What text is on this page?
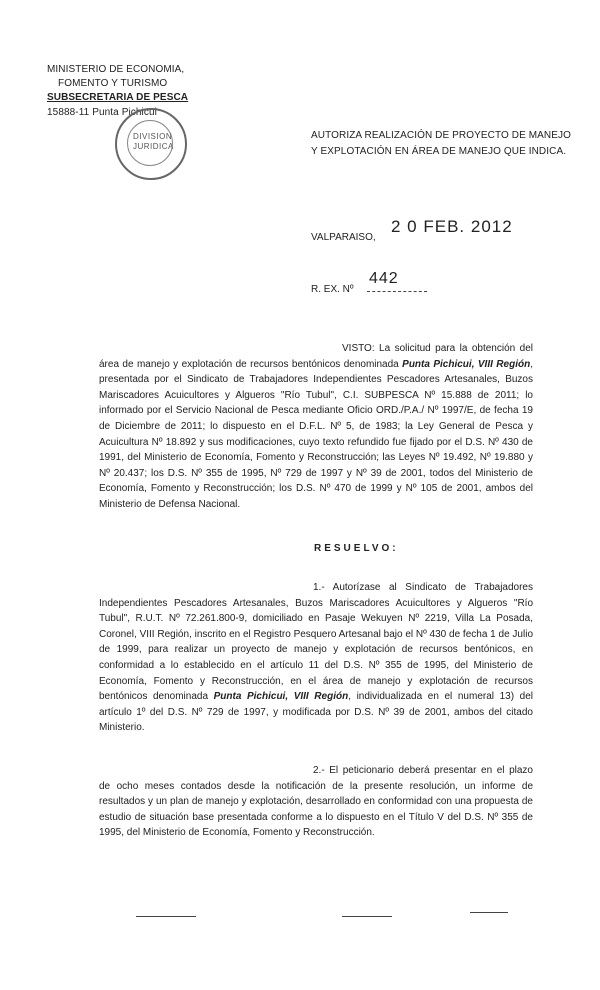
MINISTERIO DE ECONOMIA,
FOMENTO Y TURISMO
SUBSECRETARIA DE PESCA
15888-11 Punta Pichicui
DIVISION
JURIDICA
AUTORIZA REALIZACIÓN DE PROYECTO DE MANEJO
Y EXPLOTACIÓN EN ÁREA DE MANEJO QUE INDICA.
VALPARAISO,
2 0 FEB. 2012
R. EX. Nº
442

VISTO: La solicitud para la obtención del área de manejo y explotación de recursos bentónicos denominada Punta Pichicui, VIII Región, presentada por el Sindicato de Trabajadores Independientes Pescadores Artesanales, Buzos Mariscadores Acuicultores y Algueros "Río Tubul", C.I. SUBPESCA Nº 15.888 de 2011; lo informado por el Servicio Nacional de Pesca mediante Oficio ORD./P.A./ Nº 1997/E, de fecha 19 de Diciembre de 2011; lo dispuesto en el D.F.L. Nº 5, de 1983; la Ley General de Pesca y Acuicultura Nº 18.892 y sus modificaciones, cuyo texto refundido fue fijado por el D.S. Nº 430 de 1991, del Ministerio de Economía, Fomento y Reconstrucción; las Leyes Nº 19.492, Nº 19.880 y Nº 20.437; los D.S. Nº 355 de 1995, Nº 729 de 1997 y Nº 39 de 2001, todos del Ministerio de Economía, Fomento y Reconstrucción; los D.S. Nº 470 de 1999 y Nº 105 de 2001, ambos del Ministerio de Defensa Nacional.

RESUELVO:

1.- Autorízase al Sindicato de Trabajadores Independientes Pescadores Artesanales, Buzos Mariscadores Acuicultores y Algueros "Río Tubul", R.U.T. Nº 72.261.800-9, domiciliado en Pasaje Wekuyen Nº 2219, Villa La Posada, Coronel, VIII Región, inscrito en el Registro Pesquero Artesanal bajo el Nº 430 de fecha 1 de Julio de 1999, para realizar un proyecto de manejo y explotación de recursos bentónicos, en conformidad a lo establecido en el artículo 11 del D.S. Nº 355 de 1995, del Ministerio de Economía, Fomento y Reconstrucción, en el área de manejo y explotación de recursos bentónicos denominada Punta Pichicui, VIII Región, individualizada en el numeral 13) del artículo 1º del D.S. Nº 729 de 1997, y modificada por D.S. Nº 39 de 2001, ambos del citado Ministerio.

2.- El peticionario deberá presentar en el plazo de ocho meses contados desde la notificación de la presente resolución, un informe de resultados y un plan de manejo y explotación, desarrollado en conformidad con una propuesta de estudio de situación base presentada conforme a lo dispuesto en el Título V del D.S. Nº 355 de 1995, del Ministerio de Economía, Fomento y Reconstrucción.
